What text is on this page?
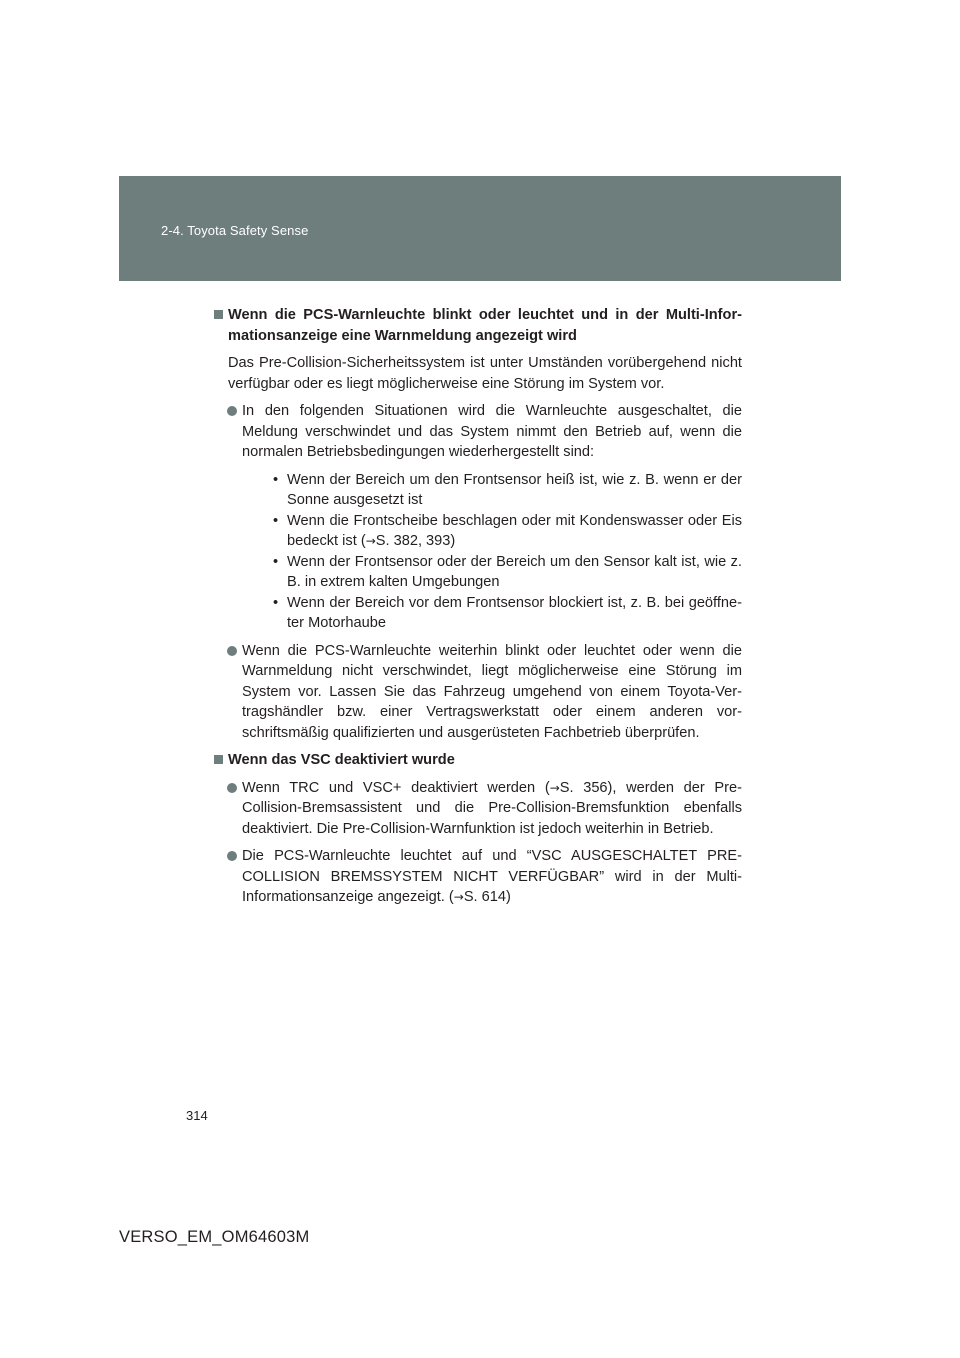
2-4. Toyota Safety Sense
Wenn die PCS-Warnleuchte blinkt oder leuchtet und in der Multi-Infor-mationsanzeige eine Warnmeldung angezeigt wird
Das Pre-Collision-Sicherheitssystem ist unter Umständen vorübergehend nicht verfügbar oder es liegt möglicherweise eine Störung im System vor.
In den folgenden Situationen wird die Warnleuchte ausgeschaltet, die Meldung verschwindet und das System nimmt den Betrieb auf, wenn die normalen Betriebsbedingungen wiederhergestellt sind:
• Wenn der Bereich um den Frontsensor heiß ist, wie z. B. wenn er der Sonne ausgesetzt ist
• Wenn die Frontscheibe beschlagen oder mit Kondenswasser oder Eis bedeckt ist (→S. 382, 393)
• Wenn der Frontsensor oder der Bereich um den Sensor kalt ist, wie z. B. in extrem kalten Umgebungen
• Wenn der Bereich vor dem Frontsensor blockiert ist, z. B. bei geöffne-ter Motorhaube
Wenn die PCS-Warnleuchte weiterhin blinkt oder leuchtet oder wenn die Warnmeldung nicht verschwindet, liegt möglicherweise eine Störung im System vor. Lassen Sie das Fahrzeug umgehend von einem Toyota-Ver-tragshändler bzw. einer Vertragswerkstatt oder einem anderen vor-schriftsmäßig qualifizierten und ausgerüsteten Fachbetrieb überprüfen.
Wenn das VSC deaktiviert wurde
Wenn TRC und VSC+ deaktiviert werden (→S. 356), werden der Pre-Collision-Bremsassistent und die Pre-Collision-Bremsfunktion ebenfalls deaktiviert. Die Pre-Collision-Warnfunktion ist jedoch weiterhin in Betrieb.
Die PCS-Warnleuchte leuchtet auf und “VSC AUSGESCHALTET PRE-COLLISION BREMSSYSTEM NICHT VERFÜGBAR” wird in der Multi-Informationsanzeige angezeigt. (→S. 614)
314
VERSO_EM_OM64603M
